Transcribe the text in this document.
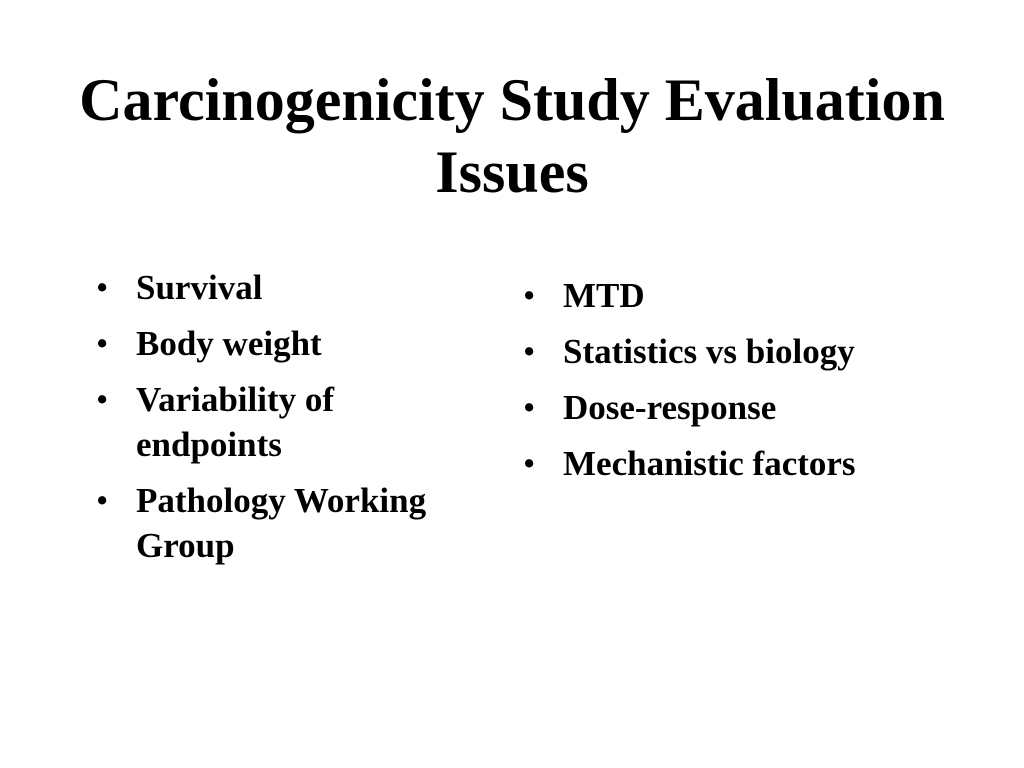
Carcinogenicity Study Evaluation Issues
• Survival
• Body weight
• Variability of endpoints
• Pathology Working Group
• MTD
• Statistics vs biology
• Dose-response
• Mechanistic factors
